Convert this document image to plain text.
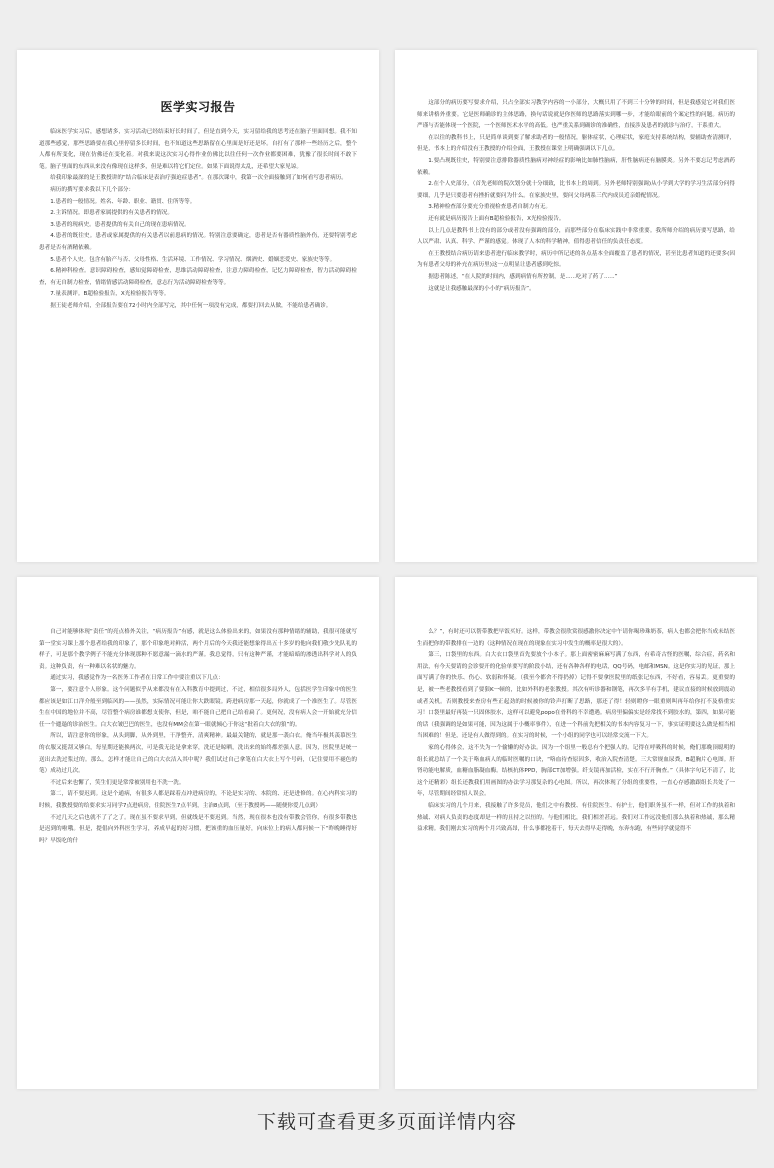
医学实习报告

临床医学实习后，感想诸多，实习活动已经结束好长时间了，但是直到今天，实习留给我的思考还在脑子里面回想。我不知道那些感觉，那些思路要在我心里停留多长时间，也不知道这些思路留在心里面是好还是坏。自打有了那样一些经历之后，整个人都有所变化，现在仿佛还在变化着。对我来说这次实习心得作业仿佛比以往任何一次作业都要困难，犹豫了很长时间不敢下笔。脑子里面的东西从来没有像现在这样多，但是难以将它们定位。如果下面说得太乱，还希望大家见谅。

给我印象最深的是王教授讲的“结合临床是表治疗强迫症患者”。在那次课中，我第一次全面接触到了如何看写患者病历。

病历的撰写要求我以下几个部分：

1.患者的一般情况。姓名、年龄、职业、籍贯、住所等等。

2.主诉情况。即患者家属提供的有关患者的情况。

3.患者的现病史。患者提供的有关自己的现在患病情况。

4.患者的既往史。患者或家属提供的有关患者以前患病的情况。特别注意要确定，患者是否有器质性脑外伤，还要特别考虑患者是否有酒精依赖。

5.患者个人史。包含有胎产与否、父母性格、生活环境、工作情况、学习情况、烟酒史、婚姻恋爱史、家族史等等。

6.精神科检查。意识障碍检查，感知觉障碍检查，思维活动障碍检查，注意力障碍检查，记忆力障碍检查，智力活动障碍检查，有无自制力检查，情绪情感活动障碍检查，意志行为活动障碍检查等等。

7.量表测评。B超检验报告，X光检验报告等等。

据王徒老师介绍，全部报告要在72小时内全部写完，其中任何一项没有完成，都要打回去从做，不能给患者确诊。

这部分的病历要写要求介绍，只占全部实习教学内容的一小部分，大概只用了不到三十分钟的时间，但是我感觉它对我们医师来讲格外重要。它是医师确诊的主体思路，换句话说就是你医师的思路落实到哪一步，才能给眼前的个案定性的问题。病历的严谨与否能体现一个医院，一个医师医术水平的高低。也严重关系到确诊的准确性，直接涉及患者的就诊与治疗，干系重大。

在以往的教科书上，只是简单谈到要了解求助者的一般情况，躯体症状，心理症状，家庭支持系统结构，要辅助查清测评，但是，书本上的介绍没有王教授的介绍全面，王教授在课堂上明确强调以下几点。

1.要凸现既往史，特别要注意排除器质性脑病对神经症的影响比如肺性脑病，肝性脑病还有脑膜炎。另外不要忘记考虑酒药依赖。

2.在个人史部分，（首先老师的院次划分就十分细致，比书本上的周到。另外老师特别强调)从小学到大学的学习生活部分问得要细，几乎是只要患者有挫折就要问为什么。在家族史里，要问父母两系三代内成员近亲婚配情况。

3.精神检查部分要充分重视检查患者自制力有无。

还有就是病历报告上面有B超检验报告，X光检验报告。

以上几点是教科书上没有的部分或者没有强调的部分，而那些部分在临床实践中非常重要。我所师介绍的病历要写思路，给人以严肃、认真、科学、严谨的感觉。体现了人本的科学精神，值得患者信任的负责任态度。

在王教授结合病历请来患者进行临床教学时，病历中所记述的各点基本全面覆盖了患者的情况，甚至比患者知道的还要多(因为有患者父母的补充在病历里)这一点明显让患者感到吃惊。

据患者陈述，“在人院的时间内，感到病情有所控制，是......吃对了药了......”

这就是让我感触最深的小小的“病历报告”。

自己对能够体现“责任”的亮点格外关注，“病历报告”有感，就是这么体验出来的，如果没有那种情绪的辅助，我很可能就写第一堂实习课上那个患者给我的印象了，那个印象绝对鲜活，两个月后的今天我还能想象得出五十多岁的他向我们敬少先队礼的样子，可是那个教学例子不能充分体现那种不愿意漏一滴水的严谨。我总觉得，只有这种严谨，才能暗暗的渗透出科学对人的负责。这种负责，有一种难以名状的魅力。

通过实习，我感觉作为一名医务工作者在日常工作中要注重以下几点：

第一，要注意个人形象。这个问题似乎从来都没有在入科教育中提到过，不过，相信很多局外人，包括医学生印象中的医生都应该是如江口洋介般至到临风的——虽然，实际情况可能让你大跌眼镜。跨进病房那一天起，你就成了一个准医生了。尽管医生在中国的地位并不高，尽管整个病房谁都想支使你，但是，咱不能自己把自己给看扁了。更何况，没有病人会一开始就充分信任一个邋遢的诊治医生。白大衣皱巴巴的医生，也没有MM会在第一眼就倾心于你这“批着白大衣的狼”的。

所以，请注意你的形象，从头到脚，从外到里，干净整齐，清爽精神。最最关键的，就是那一袭白衣。俺当年极其羡慕医生的衣服又挺刮又够白，每星期还能换两次，可是我无论是拿来穿，洗还是晾晒，洗出来的始终都差强人意。因为，医院里是统一送出去洗过浆过的。那么，怎样才能让自己的白大衣洁入其中呢？我们试过自己拿笔在白大衣上写个号码，（记住要用不褪色的笔）成功过几次。

不过后来也懈了，笑生们更是常常被别用也不洗一洗。

第二，请不要迟到。这是个通病，有很多人都是踩着点冲进病房的，不论是实习的、本院的、还是进修的。在心内科实习的时候，我教授要的给要求实习同学7点进病房，住院医生7点半到，主治8点到，（至于教授吗——随便你爱几点到）

不过几天之后也就不了了之了。现在虽不要求早到，但就线是不要迟到。当然，现在很本也没有带教会管你，有很多带教也是迟到的啦哦。但是，提倡向外科医生学习，养成早起的好习惯，把该重的血压量好，向床位上的病人都问候一下“昨晚睡得好吗？早饭吃的什

么？”，有时还可以帮带教把早饭买好。这样，带教会很欣赏很感激你决定中午请你喝珍珠奶茶，病人也都会把你当成未结医生而把你的带教排在一边的（这种情况在现在的现象在实习中发生的概率是很大的）。

第三，口袋里的东西。白大衣口袋里首先要放个小本子。那上面密密麻麻写满了东西，有希奇古怪的医嘱，综合症，药名和用法，有今天要请的会诊要开的化验单要写的阶段小结，还有各种各样的电话，QQ号码，电邮和MSN。这是你实习的见证，那上面写满了你的快乐、伤心、软弱和怀疑。（我至今都舍不得扔掉）记得不要拿医院里的纸张记东西，不好看，容易丢。更重要的是，被一些老教授看到了要狠K一顿的，比如外科的老张教授。其次有听诊器和钢笔，再次多半有手机，建议直接的时候放到震动或者关机。否则教授来查房有些正起劲的时候被你的铃声打断了思路，那还了得！轻则瞪你一眼重则叫再年给你打不及格重实习！口袋里最好再装一只固体胶水，这样可以避免popo在骨科的不幸遭遇。病房里偏偏实是经常找不到胶水的，第四，如果可能的话（我强调的是如果可能，因为这属于小概率事件），在进一个科前先把相关的书本内容复习一下，事实证明要这么做是相当相当困难的！但是，还是有人做得到的。在实习的时候，一个小组的同学也可以经常交流一下大。

家的心得体会，这不失为一个偷懒的好办法。因为一个组里一般总有个把强人的。记得在呼吸科的时候，俺们那晚顶聪明的组长就总结了一个关于咯血病人的临时医嘱的口诀，“咯血待查原因多，收治入院查清楚。三大常规血尿粪，B超胸片心电图。肝肾功能电解质，血糖血脂凝血酶。结核抗体PPD，胸部CT加增强。纤支镜再加活检，实在不行开胸查。”（具体字句记不清了，比这个还精彩）组长还教我们用画图的办法学习那复杂的心电图。所以，再次体现了分组的重要性，一直心存感激跟组长共处了一年，尽管期间经常招人误会。

临床实习的几个月来，我接触了许多党员，他们之中有教授、有住院医生、有护士，他们职务虽不一样，但对工作的执着和热诚、对病人负责的态度却是一样的且持之以恒的。与他们相比，我们相差甚远。我们对工作远没他们那么执着和热诚，那么精益求精。我们刚去实习的两个月兴致高昂，什么事都抢着干，每天去得早走得晚，东奔东跑，有些同学就觉得不

下载可查看更多页面详情内容
